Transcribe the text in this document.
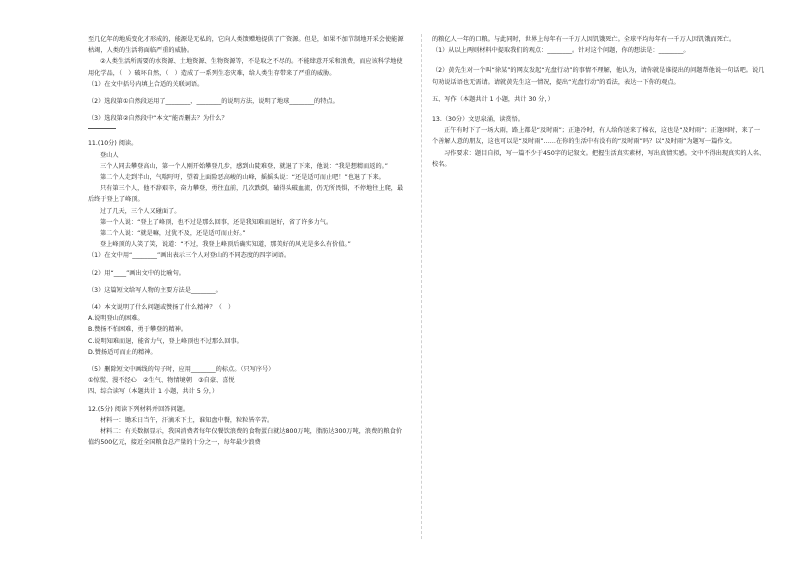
至几亿年的地质变化才形成的，能源是无私的，它向人类馈赠地提供了广资源。但是，如果不加节制地开采会使能源枯竭，人类的生活将面临严重的威胁。

②人类生活所需要的水资源、土地资源、生物资源等，不是取之不尽的。不能肆意开采和浪费，而应该科学地使用化学品，（　）破坏自然，（　）造成了一系列生态灾难，给人类生存带来了严重的威胁。

（1）在文中括号内填上合适的关联词语。

（2）选段第①自然段运用了________、________的说明方法，说明了地球________的特点。

（3）选段第②自然段中“本文”能否删去？为什么？

11.(10分) 阅读。

登山人

三个人同去攀登高山，第一个人刚开始攀登几步，感到山陡难登，就退了下来，他说：“我是想精而返的。”

第二个人走到半山，气喘吁吁，望着上面险恶高峻的山峰，摇摇头说：“还是适可而止吧！”也退了下来。

只有第三个人，他不辞艰辛，奋力攀登，勇往直前，几次跌倒，磕得头破血流，仍无所畏惧，不停地往上爬，最后终于登上了峰顶。

过了几天，三个人又碰面了。

第一个人说：“登上了峰顶，也不过是那么回事，还是我知难而退好，省了许多力气。

第二个人说：“就是嘛，过犹不及，还是适可而止好。”

登上峰顶的人笑了笑，说道：“不过，我登上峰顶后确实知道，那美好的风光是多么有价值。”

（1）在文中用“________”画出表示三个人对登山的不同态度的四字词语。

（2）用“____”画出文中的比喻句。

（3）这篇短文给写人物的主要方法是________。

（4）本文说明了什么问题或赞扬了什么精神？（　）

A.说明登山的困难。

B.赞扬不怕困难，勇于攀登的精神。

C.说明知难而退，能省力气，登上峰顶也不过那么回事。

D.赞扬适可而止的精神。

（5）删除短文中画线的句子时，应用________的标点。（只写序号）

①惊慌、漫不经心　②生气、物情境朝　③自豪、喜悦

四、综合读写（本题共计 1 小题，共计 5 分，）

12.(5分) 阅读下列材料并回答问题。

材料一：锄禾日当午，汗滴禾下土，谁知盘中餐，粒粒皆辛苦。

材料二：有关数据显示，我国消费者每年仅餐饮浪费的食物蛋白就达800万吨，脂肪达300万吨，浪费的粮食价值约500亿元，接近全国粮食总产量的十分之一，每年最少浪费

的粮亿人一年的口粮。与此同时，世界上每年有一千万人因饥饿死亡。全球平均每年有一千万人因饥饿而死亡。

（1）从以上两则材料中提取我们的观点：________。针对这个问题，你的想法是：________。

（2）黄先生对一个叫“徐某”的网友发起“光盘行动”的事情不理解，他认为，请你就是谁提出的问题帮他说一句话吧。说几句劝说话语也无需请。请就黄先生这一情况，提出“光盘行动”的看法，表达一下你的观点。

五、写作（本题共计 1 小题，共计 30 分，）

13.（30分）文思泉涌，读赏悟。

正午有时下了一场大雨，路上都是“及时雨”；正逢冷时，有人给你送来了棉衣，这也是“及时雨”；正逢困时，来了一个善解人意的朋友，这也可以是“及时雨”……在你的生活中有没有的“及时雨”吗？以“及时雨”为题写一篇作文。

习作要求：题目自拟，写一篇不少于450字的记叙文。把握生活真实素材，写出真情实感。文中不得出现真实的人名、校名。
